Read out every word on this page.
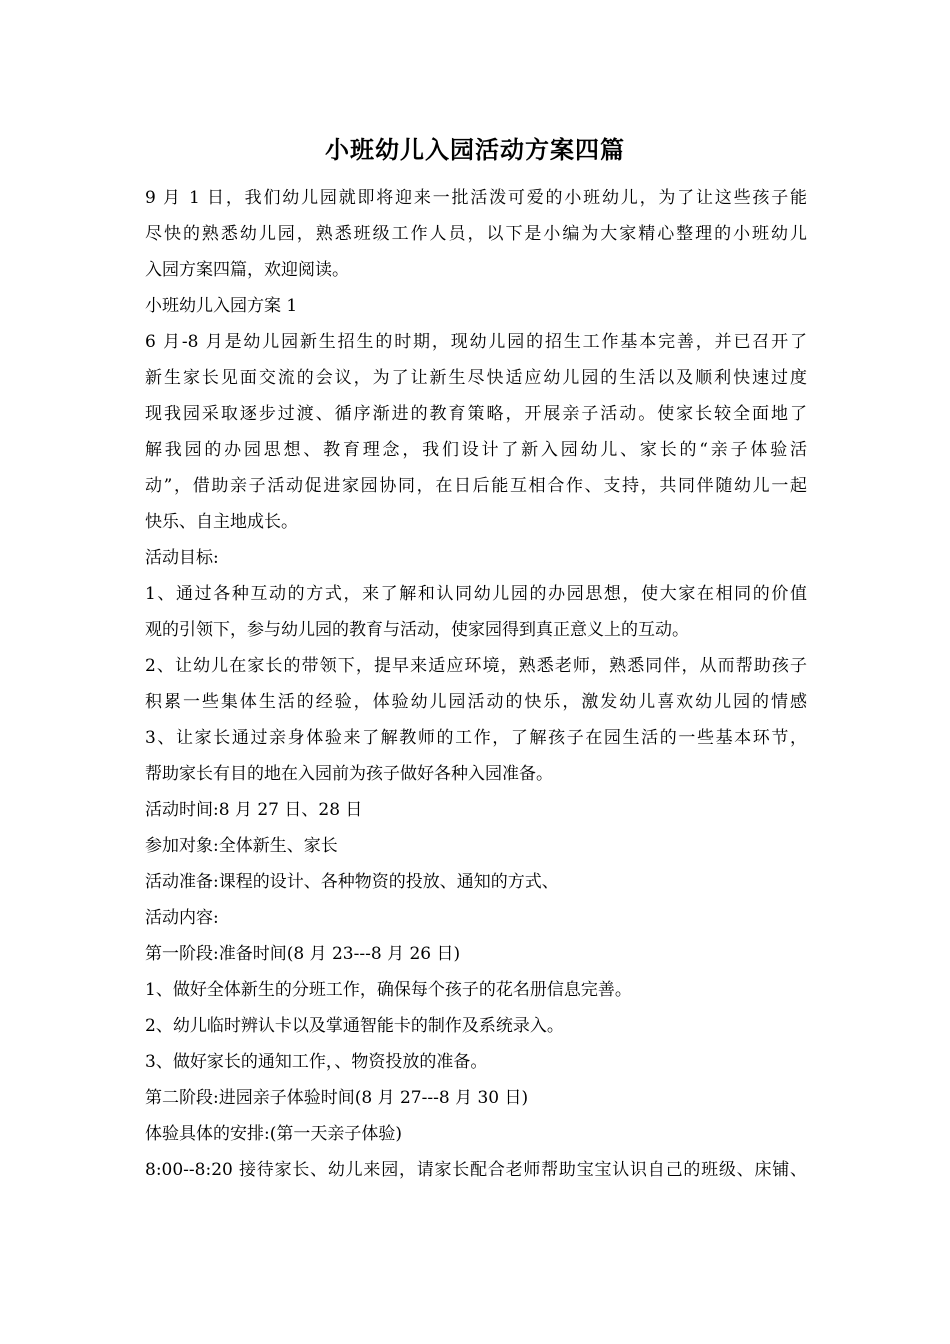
小班幼儿入园活动方案四篇
9 月 1 日，我们幼儿园就即将迎来一批活泼可爱的小班幼儿，为了让这些孩子能
尽快的熟悉幼儿园，熟悉班级工作人员，以下是小编为大家精心整理的小班幼儿
入园方案四篇，欢迎阅读。
小班幼儿入园方案 1
6 月-8 月是幼儿园新生招生的时期，现幼儿园的招生工作基本完善，并已召开了
新生家长见面交流的会议，为了让新生尽快适应幼儿园的生活以及顺利快速过度
现我园采取逐步过渡、循序渐进的教育策略，开展亲子活动。使家长较全面地了
解我园的办园思想、教育理念，我们设计了新入园幼儿、家长的“亲子体验活
动”，借助亲子活动促进家园协同，在日后能互相合作、支持，共同伴随幼儿一起
快乐、自主地成长。
活动目标:
1、通过各种互动的方式，来了解和认同幼儿园的办园思想，使大家在相同的价值
观的引领下，参与幼儿园的教育与活动，使家园得到真正意义上的互动。
2、让幼儿在家长的带领下，提早来适应环境，熟悉老师，熟悉同伴，从而帮助孩子
积累一些集体生活的经验，体验幼儿园活动的快乐，激发幼儿喜欢幼儿园的情感
3、让家长通过亲身体验来了解教师的工作，了解孩子在园生活的一些基本环节，
帮助家长有目的地在入园前为孩子做好各种入园准备。
活动时间:8 月 27 日、28 日
参加对象:全体新生、家长
活动准备:课程的设计、各种物资的投放、通知的方式、
活动内容:
第一阶段:准备时间(8 月 23---8 月 26 日)
1、做好全体新生的分班工作，确保每个孩子的花名册信息完善。
2、幼儿临时辨认卡以及掌通智能卡的制作及系统录入。
3、做好家长的通知工作，、物资投放的准备。
第二阶段:进园亲子体验时间(8 月 27---8 月 30 日)
体验具体的安排:(第一天亲子体验)
8:00--8:20 接待家长、幼儿来园，请家长配合老师帮助宝宝认识自己的班级、床铺、
